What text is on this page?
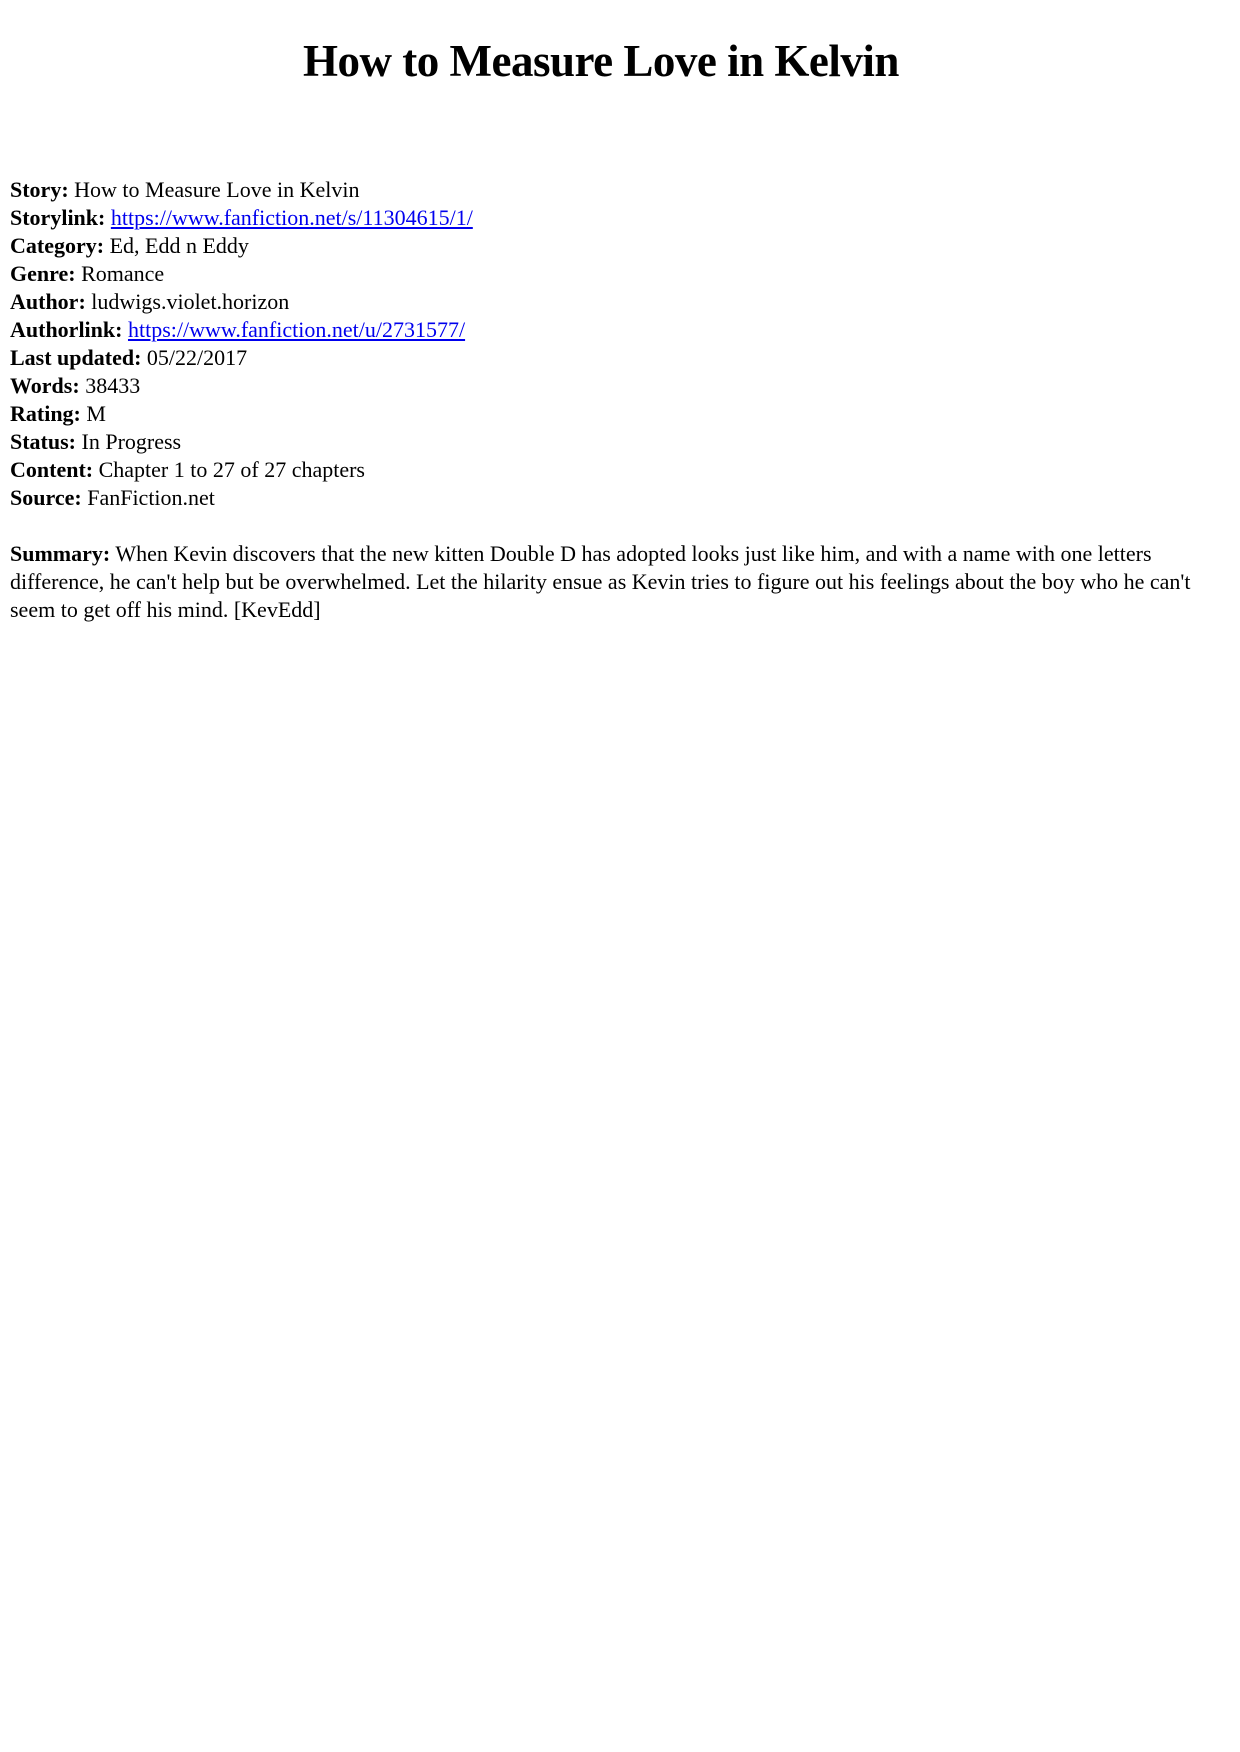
How to Measure Love in Kelvin
Story: How to Measure Love in Kelvin
Storylink: https://www.fanfiction.net/s/11304615/1/
Category: Ed, Edd n Eddy
Genre: Romance
Author: ludwigs.violet.horizon
Authorlink: https://www.fanfiction.net/u/2731577/
Last updated: 05/22/2017
Words: 38433
Rating: M
Status: In Progress
Content: Chapter 1 to 27 of 27 chapters
Source: FanFiction.net

Summary: When Kevin discovers that the new kitten Double D has adopted looks just like him, and with a name with one letters difference, he can't help but be overwhelmed. Let the hilarity ensue as Kevin tries to figure out his feelings about the boy who he can't seem to get off his mind. [KevEdd]
